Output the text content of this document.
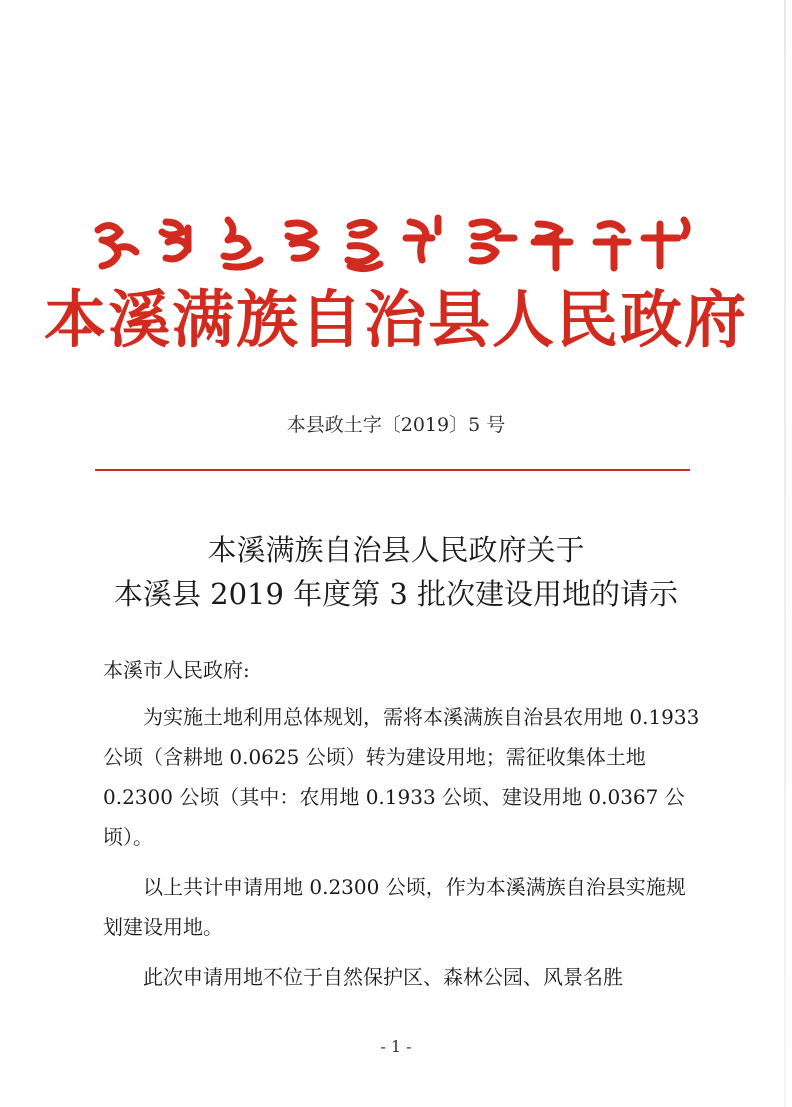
本溪满族自治县人民政府
本县政土字〔2019〕5 号
本溪满族自治县人民政府关于
本溪县 2019 年度第 3 批次建设用地的请示
本溪市人民政府:

为实施土地利用总体规划，需将本溪满族自治县农用地 0.1933 公顷（含耕地 0.0625 公顷）转为建设用地；需征收集体土地 0.2300 公顷（其中：农用地 0.1933 公顷、建设用地 0.0367 公顷）。

以上共计申请用地 0.2300 公顷，作为本溪满族自治县实施规划建设用地。

此次申请用地不位于自然保护区、森林公园、风景名胜

- 1 -
